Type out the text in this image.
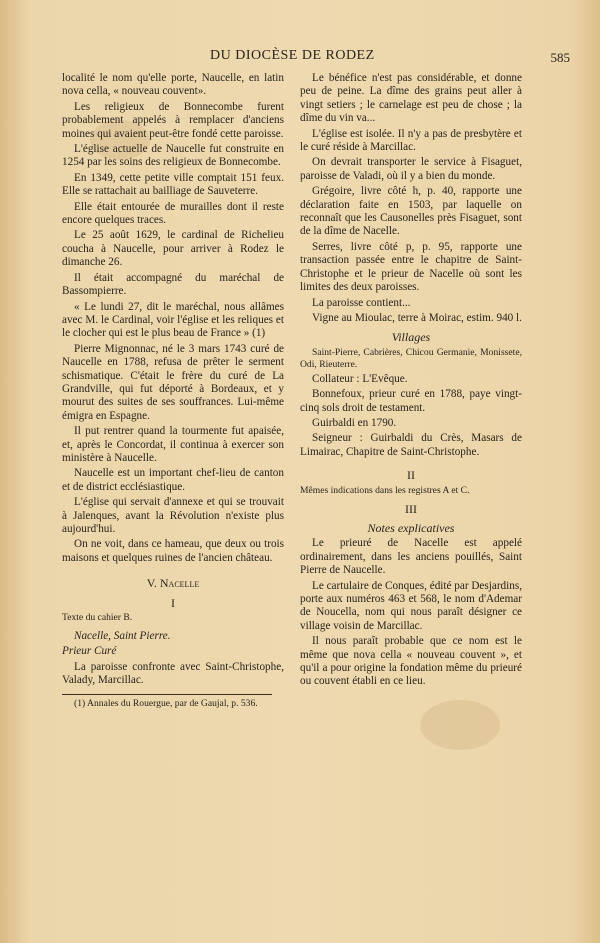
DU DIOCÈSE DE RODEZ	585

localité le nom qu'elle porte, Naucelle, en latin nova cella, « nouveau couvent».

Les religieux de Bonnecombe furent probablement appelés à remplacer d'anciens moines qui avaient peut-être fondé cette paroisse.

L'église actuelle de Naucelle fut construite en 1254 par les soins des religieux de Bonnecombe.

En 1349, cette petite ville comptait 151 feux. Elle se rattachait au bailliage de Sauveterre.

Elle était entourée de murailles dont il reste encore quelques traces.

Le 25 août 1629, le cardinal de Richelieu coucha à Naucelle, pour arriver à Rodez le dimanche 26.

Il était accompagné du maréchal de Bassompierre.

« Le lundi 27, dit le maréchal, nous allâmes avec M. le Cardinal, voir l'église et les reliques et le clocher qui est le plus beau de France » (1)

Pierre Mignonnac, né le 3 mars 1743 curé de Naucelle en 1788, refusa de prêter le serment schismatique. C'était le frère du curé de La Grandville, qui fut déporté à Bordeaux, et y mourut des suites de ses souffrances. Lui-même émigra en Espagne.

Il put rentrer quand la tourmente fut apaisée, et, après le Concordat, il continua à exercer son ministère à Naucelle.

Naucelle est un important chef-lieu de canton et de district ecclésiastique.

L'église qui servait d'annexe et qui se trouvait à Jalenques, avant la Révolution n'existe plus aujourd'hui.

On ne voit, dans ce hameau, que deux ou trois maisons et quelques ruines de l'ancien château.

V. Nacelle
I

Texte du cahier B.

Nacelle, Saint Pierre.

Prieur Curé

La paroisse confronte avec Saint-Christophe, Valady, Marcillac.

(1) Annales du Rouergue, par de Gaujal, p. 536.

Le bénéfice n'est pas considérable, et donne peu de peine. La dîme des grains peut aller à vingt setiers ; le carnelage est peu de chose ; la dîme du vin va...

L'église est isolée. Il n'y a pas de presbytère et le curé réside à Marcillac.

On devrait transporter le service à Fisaguet, paroisse de Valadi, où il y a bien du monde.

Grégoire, livre côté h, p. 40, rapporte une déclaration faite en 1503, par laquelle on reconnaît que les Causonelles près Fisaguet, sont de la dîme de Nacelle.

Serres, livre côté p, p. 95, rapporte une transaction passée entre le chapitre de Saint-Christophe et le prieur de Nacelle où sont les limites des deux paroisses.

La paroisse contient...

Vigne au Mioulac, terre à Moirac, estim. 940 l.

Villages

Saint-Pierre, Cabrières, Chicou Germanie, Monissete, Odi, Rieuterre.

Collateur : L'Evêque.

Bonnefoux, prieur curé en 1788, paye vingt-cinq sols droit de testament.

Guirbaldi en 1790.

Seigneur : Guirbaldi du Crès, Masars de Limairac, Chapitre de Saint-Christophe.

II

Mêmes indications dans les registres A et C.

III
Notes explicatives

Le prieuré de Nacelle est appelé ordinairement, dans les anciens pouillés, Saint Pierre de Naucelle.

Le cartulaire de Conques, édité par Desjardins, porte aux numéros 463 et 568, le nom d'Ademar de Noucella, nom qui nous paraît désigner ce village voisin de Marcillac.

Il nous paraît probable que ce nom est le même que nova cella « nouveau couvent », et qu'il a pour origine la fondation même du prieuré ou couvent établi en ce lieu.
